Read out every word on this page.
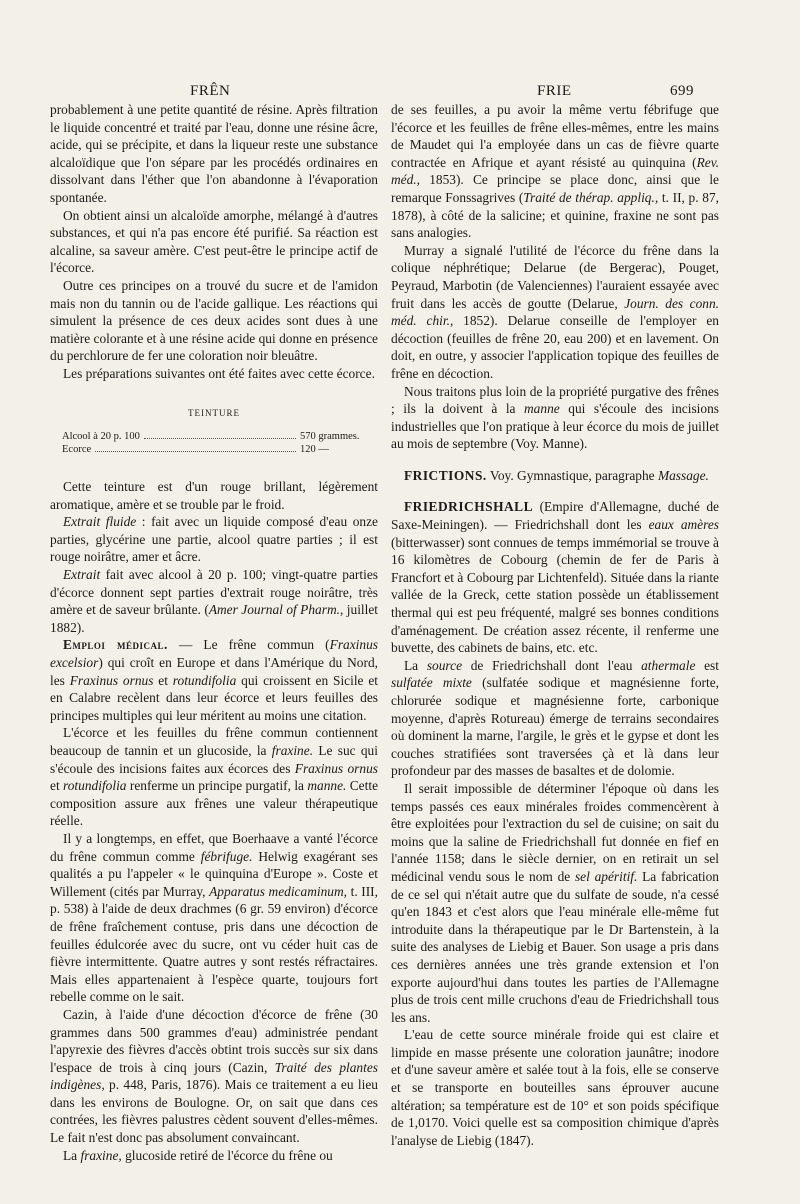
FRÊN	FRIE	699

probablement à une petite quantité de résine. Après filtration le liquide concentré et traité par l'eau, donne une résine âcre, acide, qui se précipite, et dans la liqueur reste une substance alcaloïdique que l'on sépare par les procédés ordinaires en dissolvant dans l'éther que l'on abandonne à l'évaporation spontanée.

On obtient ainsi un alcaloïde amorphe, mélangé à d'autres substances, et qui n'a pas encore été purifié. Sa réaction est alcaline, sa saveur amère. C'est peut-être le principe actif de l'écorce.

Outre ces principes on a trouvé du sucre et de l'amidon mais non du tannin ou de l'acide gallique. Les réactions qui simulent la présence de ces deux acides sont dues à une matière colorante et à une résine acide qui donne en présence du perchlorure de fer une coloration noir bleuâtre.

Les préparations suivantes ont été faites avec cette écorce.

TEINTURE
Alcool à 20 p. 100	570 grammes.
Ecorce	120 —

Cette teinture est d'un rouge brillant, légèrement aromatique, amère et se trouble par le froid.

Extrait fluide : fait avec un liquide composé d'eau onze parties, glycérine une partie, alcool quatre parties ; il est rouge noirâtre, amer et âcre.

Extrait fait avec alcool à 20 p. 100; vingt-quatre parties d'écorce donnent sept parties d'extrait rouge noirâtre, très amère et de saveur brûlante. (Amer Journal of Pharm., juillet 1882).

Emploi médical. — Le frêne commun (Fraxinus excelsior) qui croît en Europe et dans l'Amérique du Nord, les Fraxinus ornus et rotundifolia qui croissent en Sicile et en Calabre recèlent dans leur écorce et leurs feuilles des principes multiples qui leur méritent au moins une citation.

L'écorce et les feuilles du frêne commun contiennent beaucoup de tannin et un glucoside, la fraxine. Le suc qui s'écoule des incisions faites aux écorces des Fraxinus ornus et rotundifolia renferme un principe purgatif, la manne. Cette composition assure aux frênes une valeur thérapeutique réelle.

Il y a longtemps, en effet, que Boerhaave a vanté l'écorce du frêne commun comme fébrifuge. Helwig exagérant ses qualités a pu l'appeler « le quinquina d'Europe ». Coste et Willement (cités par Murray, Apparatus medicaminum, t. III, p. 538) à l'aide de deux drachmes (6 gr. 59 environ) d'écorce de frêne fraîchement contuse, pris dans une décoction de feuilles édulcorée avec du sucre, ont vu céder huit cas de fièvre intermittente. Quatre autres y sont restés réfractaires. Mais elles appartenaient à l'espèce quarte, toujours fort rebelle comme on le sait.

Cazin, à l'aide d'une décoction d'écorce de frêne (30 grammes dans 500 grammes d'eau) administrée pendant l'apyrexie des fièvres d'accès obtint trois succès sur six dans l'espace de trois à cinq jours (Cazin, Traité des plantes indigènes, p. 448, Paris, 1876). Mais ce traitement a eu lieu dans les environs de Boulogne. Or, on sait que dans ces contrées, les fièvres palustres cèdent souvent d'elles-mêmes. Le fait n'est donc pas absolument convaincant.

La fraxine, glucoside retiré de l'écorce du frêne ou

de ses feuilles, a pu avoir la même vertu fébrifuge que l'écorce et les feuilles de frêne elles-mêmes, entre les mains de Maudet qui l'a employée dans un cas de fièvre quarte contractée en Afrique et ayant résisté au quinquina (Rev. méd., 1853). Ce principe se place donc, ainsi que le remarque Fonssagrives (Traité de thérap. appliq., t. II, p. 87, 1878), à côté de la salicine; et quinine, fraxine ne sont pas sans analogies.

Murray a signalé l'utilité de l'écorce du frêne dans la colique néphrétique; Delarue (de Bergerac), Pouget, Peyraud, Marbotin (de Valenciennes) l'auraient essayée avec fruit dans les accès de goutte (Delarue, Journ. des conn. méd. chir., 1852). Delarue conseille de l'employer en décoction (feuilles de frêne 20, eau 200) et en lavement. On doit, en outre, y associer l'application topique des feuilles de frêne en décoction.

Nous traitons plus loin de la propriété purgative des frênes ; ils la doivent à la manne qui s'écoule des incisions industrielles que l'on pratique à leur écorce du mois de juillet au mois de septembre (Voy. Manne).

FRICTIONS. Voy. Gymnastique, paragraphe Massage.

FRIEDRICHSHALL (Empire d'Allemagne, duché de Saxe-Meiningen). — Friedrichshall dont les eaux amères (bitterwasser) sont connues de temps immémorial se trouve à 16 kilomètres de Cobourg (chemin de fer de Paris à Francfort et à Cobourg par Lichtenfeld). Située dans la riante vallée de la Greck, cette station possède un établissement thermal qui est peu fréquenté, malgré ses bonnes conditions d'aménagement. De création assez récente, il renferme une buvette, des cabinets de bains, etc. etc.

La source de Friedrichshall dont l'eau athermale est sulfatée mixte (sulfatée sodique et magnésienne forte, chlorurée sodique et magnésienne forte, carbonique moyenne, d'après Rotureau) émerge de terrains secondaires où dominent la marne, l'argile, le grès et le gypse et dont les couches stratifiées sont traversées çà et là dans leur profondeur par des masses de basaltes et de dolomie.

Il serait impossible de déterminer l'époque où dans les temps passés ces eaux minérales froides commencèrent à être exploitées pour l'extraction du sel de cuisine; on sait du moins que la saline de Friedrichshall fut donnée en fief en l'année 1158; dans le siècle dernier, on en retirait un sel médicinal vendu sous le nom de sel apéritif. La fabrication de ce sel qui n'était autre que du sulfate de soude, n'a cessé qu'en 1843 et c'est alors que l'eau minérale elle-même fut introduite dans la thérapeutique par le Dr Bartenstein, à la suite des analyses de Liebig et Bauer. Son usage a pris dans ces dernières années une très grande extension et l'on exporte aujourd'hui dans toutes les parties de l'Allemagne plus de trois cent mille cruchons d'eau de Friedrichshall tous les ans.

L'eau de cette source minérale froide qui est claire et limpide en masse présente une coloration jaunâtre; inodore et d'une saveur amère et salée tout à la fois, elle se conserve et se transporte en bouteilles sans éprouver aucune altération; sa température est de 10° et son poids spécifique de 1,0170. Voici quelle est sa composition chimique d'après l'analyse de Liebig (1847).
